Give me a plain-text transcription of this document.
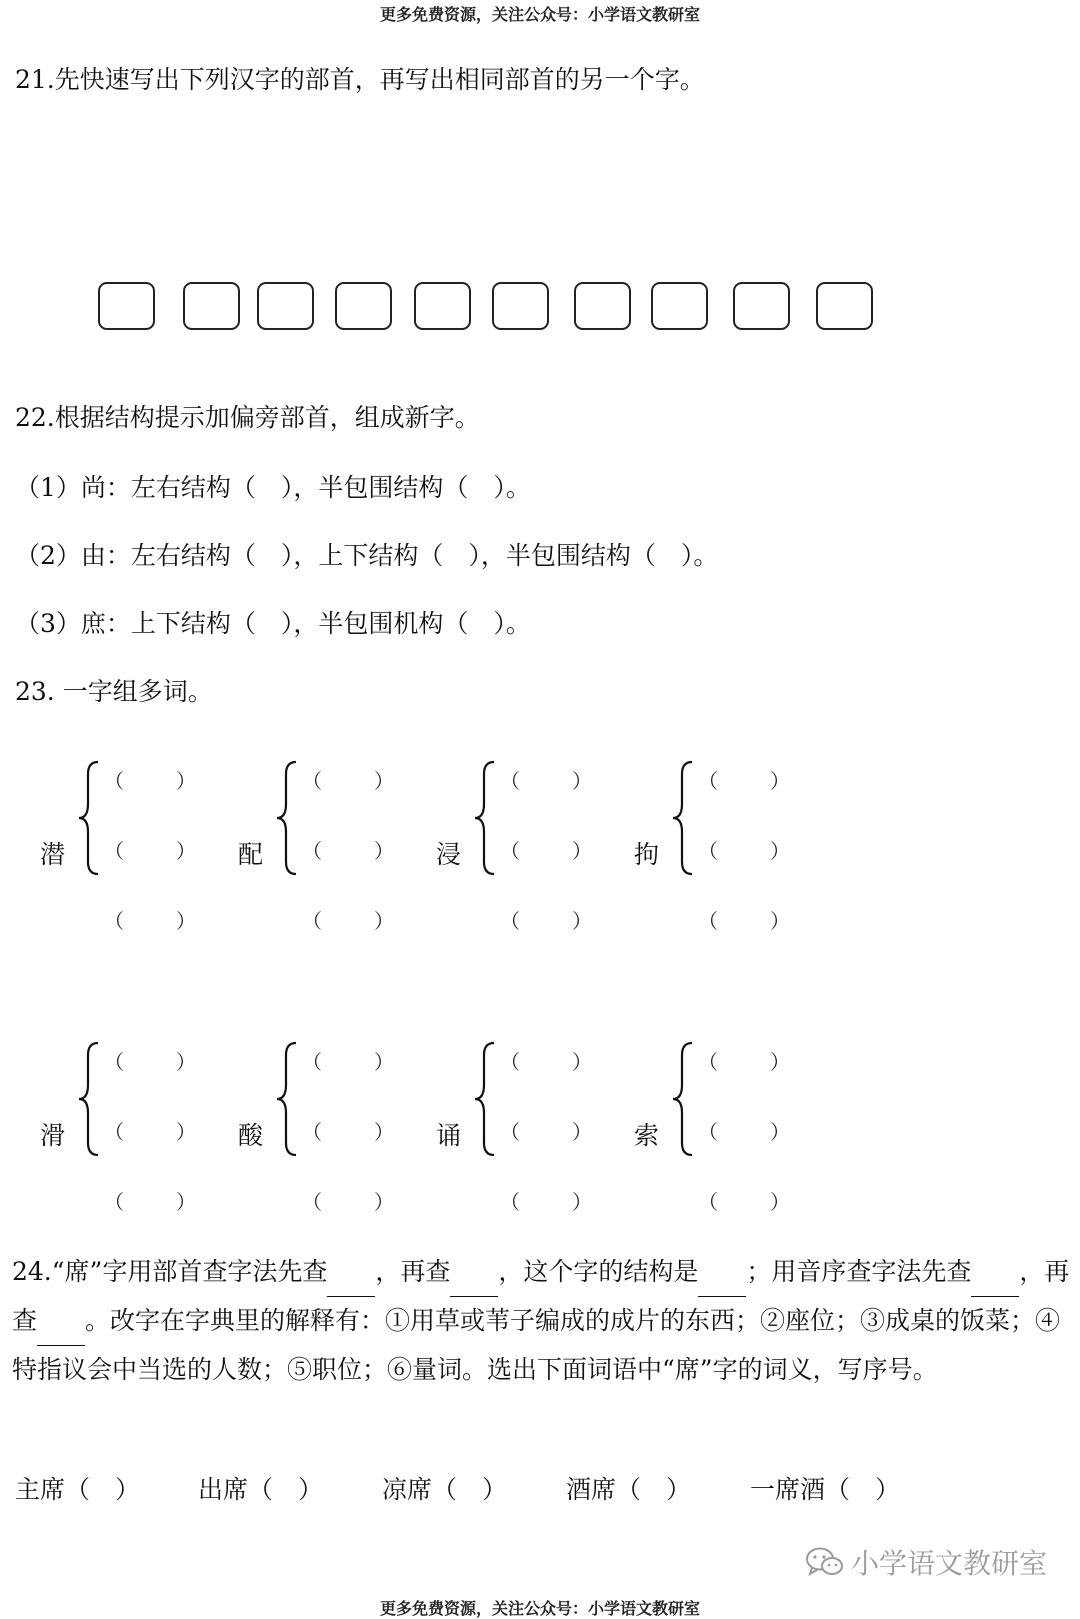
更多免费资源，关注公众号：小学语文教研室
21.先快速写出下列汉字的部首，再写出相同部首的另一个字。
22.根据结构提示加偏旁部首，组成新字。
（1）尚：左右结构（　），半包围结构（　）。
（2）由：左右结构（　），上下结构（　），半包围结构（　）。
（3）庶：上下结构（　），半包围机构（　）。
23. 一字组多词。
潜
（	）
（	）
（	）
配
（	）
（	）
（	）
浸
（	）
（	）
（	）
拘
（	）
（	）
（	）
滑
（	）
（	）
（	）
酸
（	）
（	）
（	）
诵
（	）
（	）
（	）
索
（	）
（	）
（	）
24.“席”字用部首查字法先查 ，再查 ，这个字的结构是 ；用音序查字法先查 ，再查 。改字在字典里的解释有：①用草或苇子编成的成片的东西；②座位；③成桌的饭菜；④特指议会中当选的人数；⑤职位；⑥量词。选出下面词语中“席”字的词义，写序号。
主席（　） 出席（　） 凉席（　） 酒席（　） 一席酒（　）
小学语文教研室
更多免费资源，关注公众号：小学语文教研室
